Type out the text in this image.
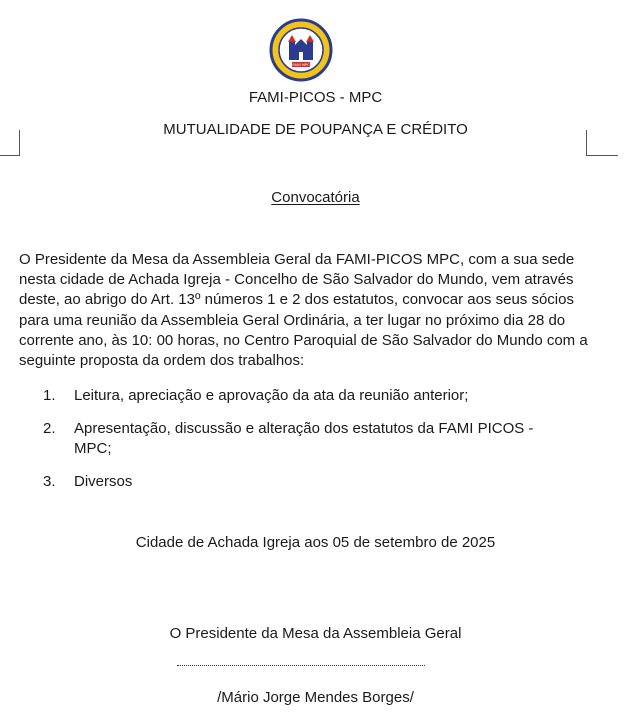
FAMI MPC
FAMI-PICOS - MPC
MUTUALIDADE DE POUPANÇA E CRÉDITO
Convocatória

O Presidente da Mesa da Assembleia Geral da FAMI-PICOS MPC, com a sua sede nesta cidade de Achada Igreja - Concelho de São Salvador do Mundo, vem através deste, ao abrigo do Art. 13º números 1 e 2 dos estatutos, convocar aos seus sócios para uma reunião da Assembleia Geral Ordinária, a ter lugar no próximo dia 28 do corrente ano, às 10: 00 horas, no Centro Paroquial de São Salvador do Mundo com a seguinte proposta da ordem dos trabalhos:

1. Leitura, apreciação e aprovação da ata da reunião anterior;
2. Apresentação, discussão e alteração dos estatutos da FAMI PICOS - MPC;
3. Diversos
Cidade de Achada Igreja aos 05 de setembro de 2025
O Presidente da Mesa da Assembleia Geral
/Mário Jorge Mendes Borges/
